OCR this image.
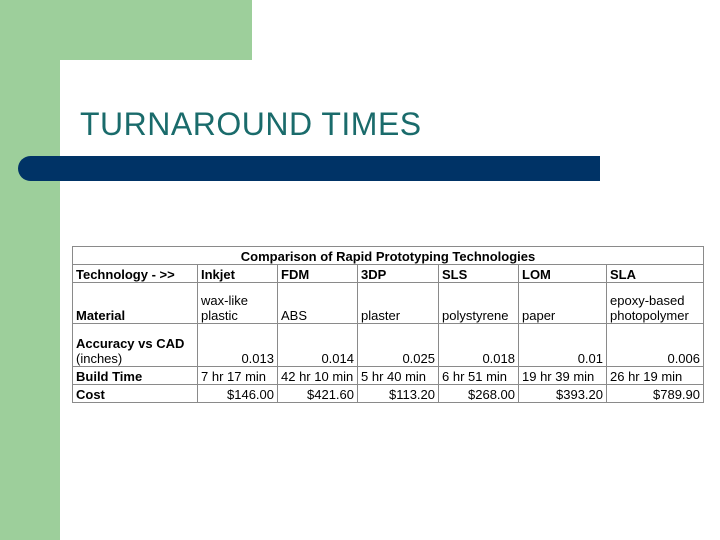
TURNAROUND TIMES
Comparison of Rapid Prototyping Technologies						
Technology - >>	Inkjet	FDM	3DP	SLS	LOM	SLA
Material	wax-like plastic	ABS	plaster	polystyrene	paper	epoxy-based photopolymer
Accuracy vs CAD
(inches)	0.013	0.014	0.025	0.018	0.01	0.006
Build Time	7 hr 17 min	42 hr 10 min	5 hr 40 min	6 hr 51 min	19 hr 39 min	26 hr 19 min
Cost	$146.00	$421.60	$113.20	$268.00	$393.20	$789.90
